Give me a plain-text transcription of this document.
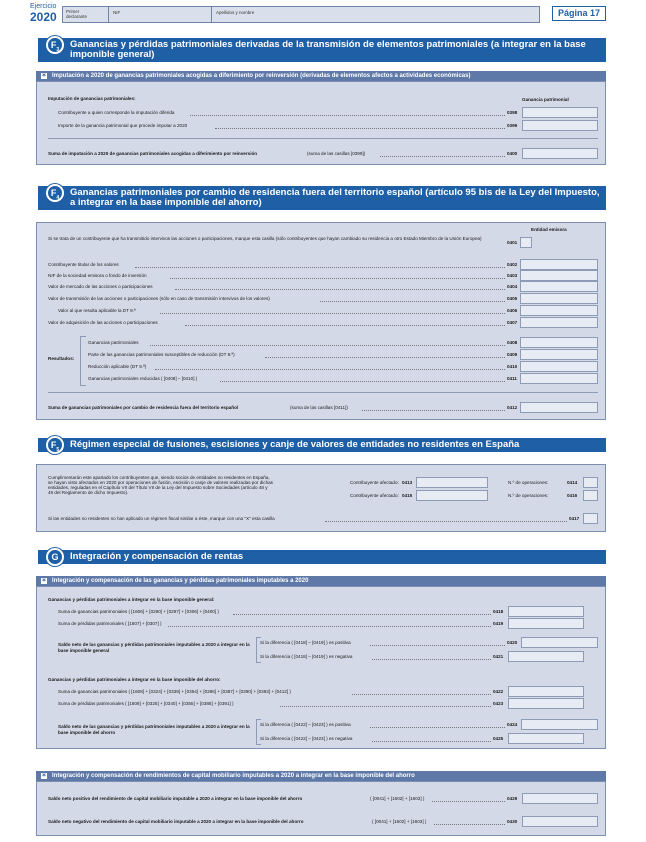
Ejercicio
2020 Primer declarante
NIF	Apellidos y nombre	Página 17
Ganancias y pérdidas patrimoniales derivadas de la transmisión de elementos patrimoniales (a integrar en la base imponible general)
$F_3$
✶ Imputación a 2020 de ganancias patrimoniales acogidas a diferimiento por reinversión (derivadas de elementos afectos a actividades económicas)
Imputación de ganancias patrimoniales:	Ganancia patrimonial
Contribuyente a quien corresponde la imputación diferida	0398
Importe de la ganancia patrimonial que procede imputar a 2020	0399
Suma de imputación a 2020 de ganancias patrimoniales acogidas a diferimiento por reinversión	(suma de las casillas [0399])	0400
Ganancias patrimoniales por cambio de residencia fuera del territorio español (artículo 95 bis de la Ley del Impuesto, a integrar en la base imponible del ahorro)
$F_4$
Entidad emisora
Si se trata de un contribuyente que ha transmitido intervivos las acciones o participaciones, marque esta casilla (sólo contribuyentes que hayan cambiado su residencia a otro Estado Miembro de la Unión Europea)
0401
Contribuyente titular de los valores	0402
NIF de la sociedad emisora o fondo de inversión	0403
Valor de mercado de las acciones o participaciones	0404
Valor de transmisión de las acciones o participaciones (sólo en caso de transmisión intervivos de los valores)	0405
Valor al que resulta aplicable la DT 9.ª	0406
Valor de adquisición de las acciones o participaciones	0407
Resultados:
Ganancias patrimoniales	0408
Parte de las ganancias patrimoniales susceptibles de reducción (DT 9.ª)	0409
Reducción aplicable (DT 9.ª)	0410
Ganancias patrimoniales reducidas ( [0408] – [0410] )	0411
Suma de ganancias patrimoniales por cambio de residencia fuera del territorio español	(suma de las casillas [0411])	0412
Régimen especial de fusiones, escisiones y canje de valores de entidades no residentes en España
$F_5$
Cumplimentarán este apartado los contribuyentes que, siendo socios de entidades no residentes en España,
se hayan visto afectados en 2020 por operaciones de fusión, escisión o canje de valores realizadas por dichas
entidades, reguladas en el Capítulo VII del Título VII de la Ley del Impuesto sobre Sociedades (artículo 48 y
49 del Reglamento de dicho Impuesto).
Contribuyente afectado: 0413	N.º de operaciones:	0414
Contribuyente afectado: 0415	N.º de operaciones:	0416
Si las entidades no residentes no han aplicado un régimen fiscal similar a éste, marque con una "X" esta casilla	0417
Integración y compensación de rentas
G
✶ Integración y compensación de las ganancias y pérdidas patrimoniales imputables a 2020
Ganancias y pérdidas patrimoniales a integrar en la base imponible general:
Suma de ganancias patrimoniales ( [1606] + [0290] + [0297] + [0306] + [0400] )	0418
Suma de pérdidas patrimoniales ( [1607] + [0307] )	0419
Saldo neto de las ganancias y pérdidas patrimoniales imputables a 2020 a integrar en la base imponible general
Si la diferencia ( [0418] – [0419] ) es positiva	0420
Si la diferencia ( [0418] – [0419] ) es negativa	0421
Ganancias y pérdidas patrimoniales a integrar en la base imponible del ahorro:
Suma de ganancias patrimoniales ( [1608] + [0324] + [0339] + [0354] + [0386] + [0387] + [0390] + [0393] + [0412] )	0422
Suma de pérdidas patrimoniales ( [1609] + [0325] + [0340] + [0355] + [0388] + [0391] )	0423
Saldo neto de las ganancias y pérdidas patrimoniales imputables a 2020 a integrar en la base imponible del ahorro
Si la diferencia ( [0422] – [0423] ) es positiva	0424
Si la diferencia ( [0422] – [0423] ) es negativa	0425
✶ Integración y compensación de rendimientos de capital mobiliario imputables a 2020 a integrar en la base imponible del ahorro
Saldo neto positivo del rendimiento de capital mobiliario imputable a 2020 a integrar en la base imponible del ahorro	( [0041] + [1602] + [1603] )	0429
Saldo neto negativo del rendimiento de capital mobiliario imputable a 2020 a integrar en la base imponible del ahorro	( [0041] + [1602] + [1603] )	0430
